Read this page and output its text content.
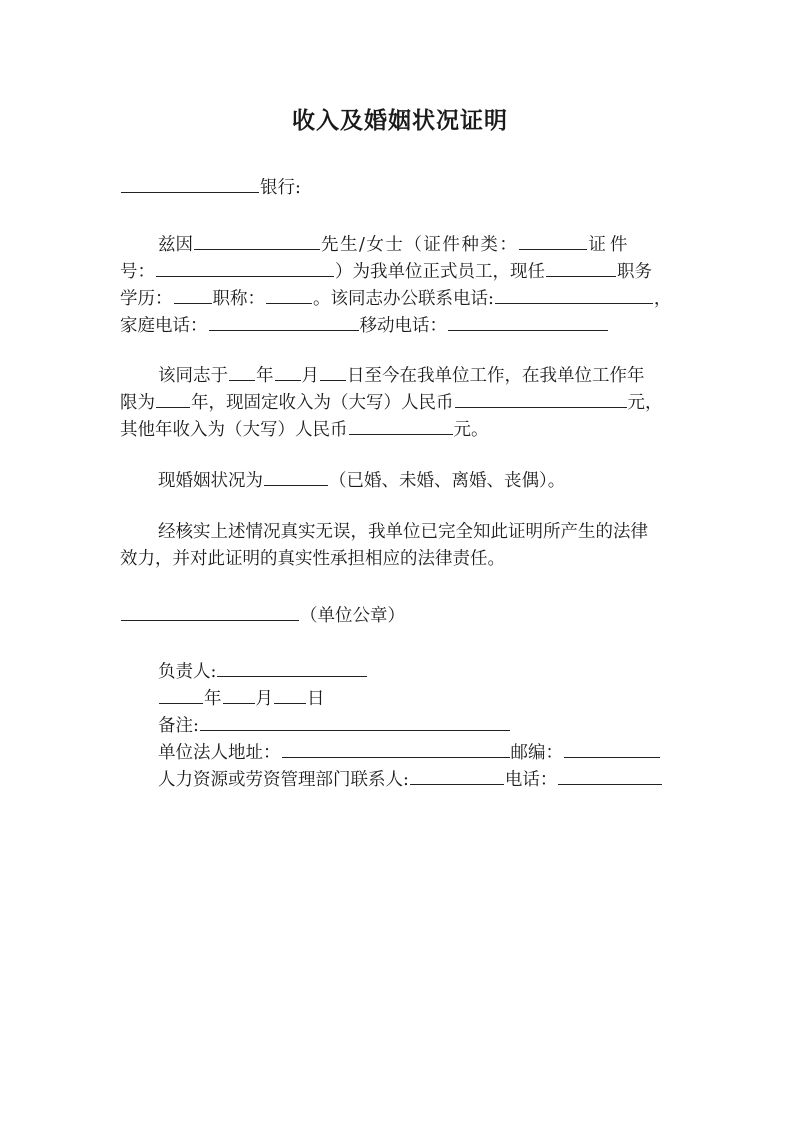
收入及婚姻状况证明
银行:
兹因	先生/女士（证件种类：	证件
号：	）为我单位正式员工，现任	职务
学历： 职称：	。该同志办公联系电话:	，
家庭电话：	移动电话：
该同志于 年 月 日至今在我单位工作，在我单位工作年
限为 年，现固定收入为（大写）人民币	元，
其他年收入为（大写）人民币	元。
现婚姻状况为	（已婚、未婚、离婚、丧偶）。
经核实上述情况真实无误，我单位已完全知此证明所产生的法律
效力，并对此证明的真实性承担相应的法律责任。
（单位公章）
负责人:
年 月 日
备注:
单位法人地址：	邮编：
人力资源或劳资管理部门联系人:	电话：
